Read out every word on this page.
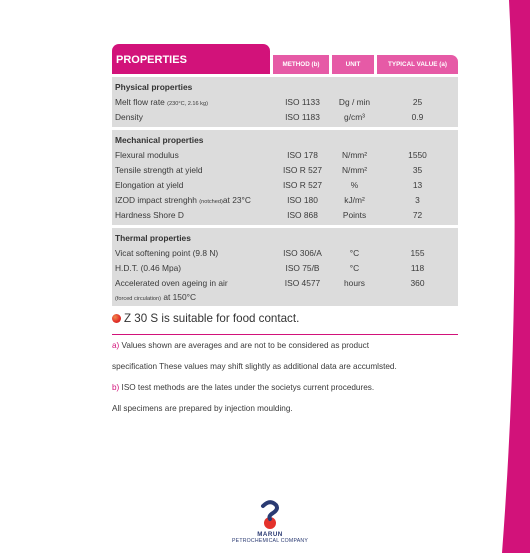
PROPERTIES	METHOD (b)	UNIT	TYPICAL VALUE (a)
Physical properties
Melt flow rate (230°C, 2.16 kg)	ISO 1133	Dg / min	25
Density	ISO 1183	g/cm³	0.9
Mechanical properties
Flexural modulus	ISO 178	N/mm²	1550
Tensile strength at yield	ISO R 527	N/mm²	35
Elongation at yield	ISO R 527	%	13
IZOD impact strenghh (notched)at 23°C	ISO 180	kJ/m²	3
Hardness Shore D	ISO 868	Points	72
Thermal properties
Vicat softening point (9.8 N)	ISO 306/A	°C	155
H.D.T. (0.46 Mpa)	ISO 75/B	°C	118
Accelerated oven ageing in air	ISO 4577	hours	360
(forced circulation) at 150°C
Z 30 S is suitable for food contact.

a) Values shown are averages and are not to be considered as product

specification These values may shift slightly as additional data are accumlsted.

b) ISO test methods are the lates under the societys current procedures.

All specimens are prepared by injection moulding.

MARUN
PETROCHEMICAL COMPANY
